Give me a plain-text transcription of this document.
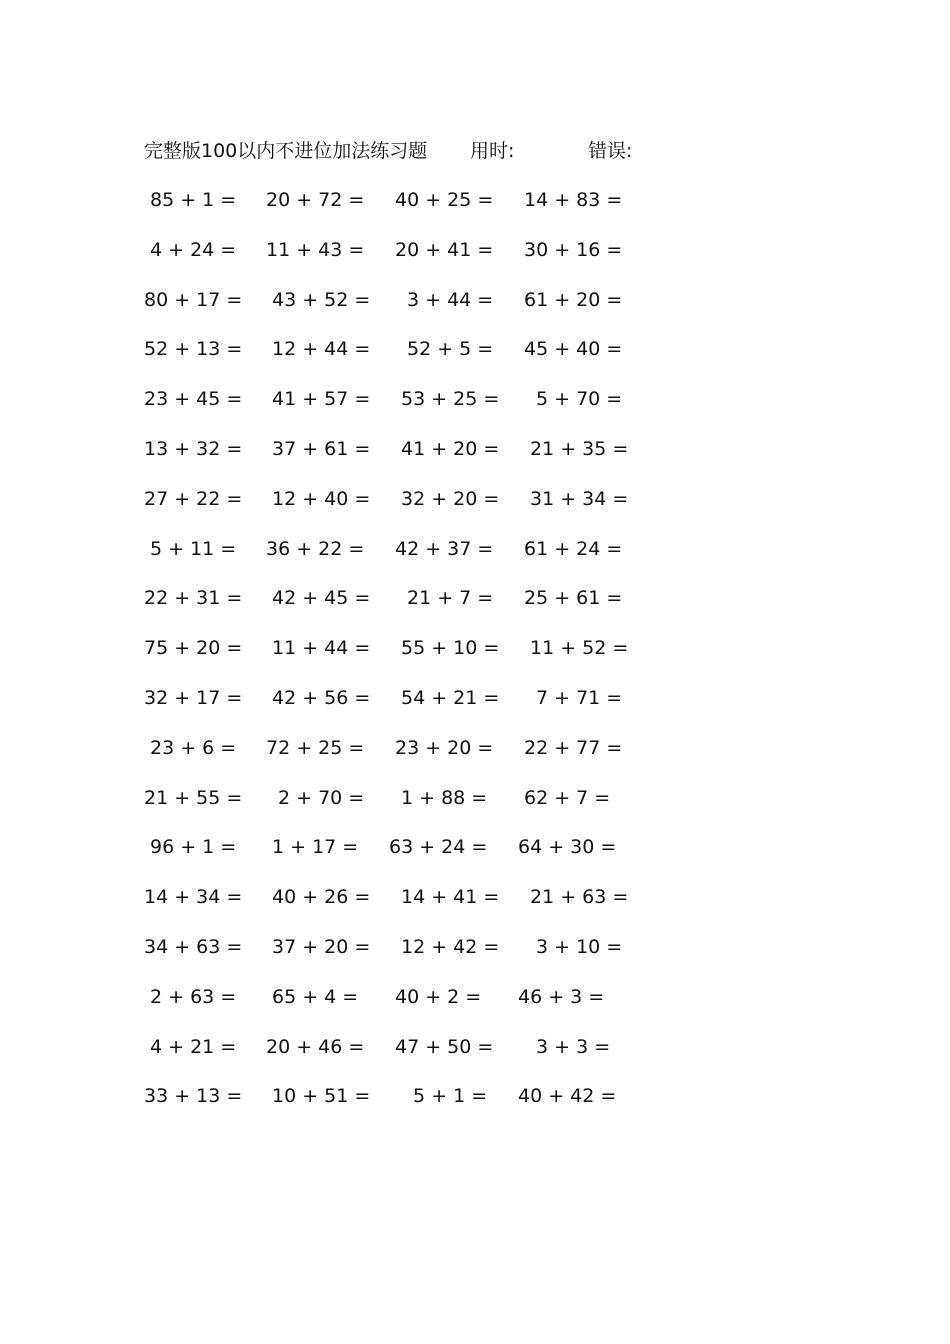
完整版100以内不进位加法练习题 用时:	错误:
85 + 1 =	20 + 72 =	40 + 25 =	14 + 83 =
4 + 24 =	11 + 43 =	20 + 41 =	30 + 16 =
80 + 17 =	43 + 52 =	3 + 44 =	61 + 20 =
52 + 13 =	12 + 44 =	52 + 5 =	45 + 40 =
23 + 45 =	41 + 57 =	53 + 25 =	5 + 70 =
13 + 32 =	37 + 61 =	41 + 20 =	21 + 35 =
27 + 22 =	12 + 40 =	32 + 20 =	31 + 34 =
5 + 11 =	36 + 22 =	42 + 37 =	61 + 24 =
22 + 31 =	42 + 45 =	21 + 7 =	25 + 61 =
75 + 20 =	11 + 44 =	55 + 10 =	11 + 52 =
32 + 17 =	42 + 56 =	54 + 21 =	7 + 71 =
23 + 6 =	72 + 25 =	23 + 20 =	22 + 77 =
21 + 55 =	2 + 70 =	1 + 88 =	62 + 7 =
96 + 1 =	1 + 17 =	63 + 24 =	64 + 30 =
14 + 34 =	40 + 26 =	14 + 41 =	21 + 63 =
34 + 63 =	37 + 20 =	12 + 42 =	3 + 10 =
2 + 63 =	65 + 4 =	40 + 2 =	46 + 3 =
4 + 21 =	20 + 46 =	47 + 50 =	3 + 3 =
33 + 13 =	10 + 51 =	5 + 1 =	40 + 42 =
